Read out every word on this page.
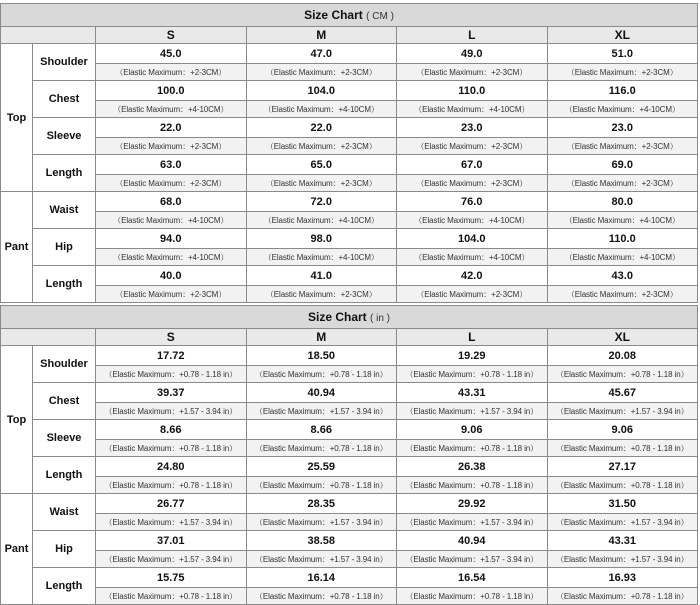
Size Chart ( CM )					
		S	M	L	XL
Top	Shoulder	45.0	47.0	49.0	51.0
		（Elastic Maximum：+2-3CM）	（Elastic Maximum：+2-3CM）	（Elastic Maximum：+2-3CM）	（Elastic Maximum：+2-3CM）
	Chest	100.0	104.0	110.0	116.0
		（Elastic Maximum：+4-10CM）	（Elastic Maximum：+4-10CM）	（Elastic Maximum：+4-10CM）	（Elastic Maximum：+4-10CM）
	Sleeve	22.0	22.0	23.0	23.0
		（Elastic Maximum：+2-3CM）	（Elastic Maximum：+2-3CM）	（Elastic Maximum：+2-3CM）	（Elastic Maximum：+2-3CM）
	Length	63.0	65.0	67.0	69.0
		（Elastic Maximum：+2-3CM）	（Elastic Maximum：+2-3CM）	（Elastic Maximum：+2-3CM）	（Elastic Maximum：+2-3CM）
Pant	Waist	68.0	72.0	76.0	80.0
		（Elastic Maximum：+4-10CM）	（Elastic Maximum：+4-10CM）	（Elastic Maximum：+4-10CM）	（Elastic Maximum：+4-10CM）
	Hip	94.0	98.0	104.0	110.0
		（Elastic Maximum：+4-10CM）	（Elastic Maximum：+4-10CM）	（Elastic Maximum：+4-10CM）	（Elastic Maximum：+4-10CM）
	Length	40.0	41.0	42.0	43.0
		（Elastic Maximum：+2-3CM）	（Elastic Maximum：+2-3CM）	（Elastic Maximum：+2-3CM）	（Elastic Maximum：+2-3CM）
Size Chart ( in )					
		S	M	L	XL
Top	Shoulder	17.72	18.50	19.29	20.08
		（Elastic Maximum：+0.78 - 1.18 in）	（Elastic Maximum：+0.78 - 1.18 in）	（Elastic Maximum：+0.78 - 1.18 in）	（Elastic Maximum：+0.78 - 1.18 in）
	Chest	39.37	40.94	43.31	45.67
		（Elastic Maximum：+1.57 - 3.94 in）	（Elastic Maximum：+1.57 - 3.94 in）	（Elastic Maximum：+1.57 - 3.94 in）	（Elastic Maximum：+1.57 - 3.94 in）
	Sleeve	8.66	8.66	9.06	9.06
		（Elastic Maximum：+0.78 - 1.18 in）	（Elastic Maximum：+0.78 - 1.18 in）	（Elastic Maximum：+0.78 - 1.18 in）	（Elastic Maximum：+0.78 - 1.18 in）
	Length	24.80	25.59	26.38	27.17
		（Elastic Maximum：+0.78 - 1.18 in）	（Elastic Maximum：+0.78 - 1.18 in）	（Elastic Maximum：+0.78 - 1.18 in）	（Elastic Maximum：+0.78 - 1.18 in）
Pant	Waist	26.77	28.35	29.92	31.50
		（Elastic Maximum：+1.57 - 3.94 in）	（Elastic Maximum：+1.57 - 3.94 in）	（Elastic Maximum：+1.57 - 3.94 in）	（Elastic Maximum：+1.57 - 3.94 in）
	Hip	37.01	38.58	40.94	43.31
		（Elastic Maximum：+1.57 - 3.94 in）	（Elastic Maximum：+1.57 - 3.94 in）	（Elastic Maximum：+1.57 - 3.94 in）	（Elastic Maximum：+1.57 - 3.94 in）
	Length	15.75	16.14	16.54	16.93
		（Elastic Maximum：+0.78 - 1.18 in）	（Elastic Maximum：+0.78 - 1.18 in）	（Elastic Maximum：+0.78 - 1.18 in）	（Elastic Maximum：+0.78 - 1.18 in）
